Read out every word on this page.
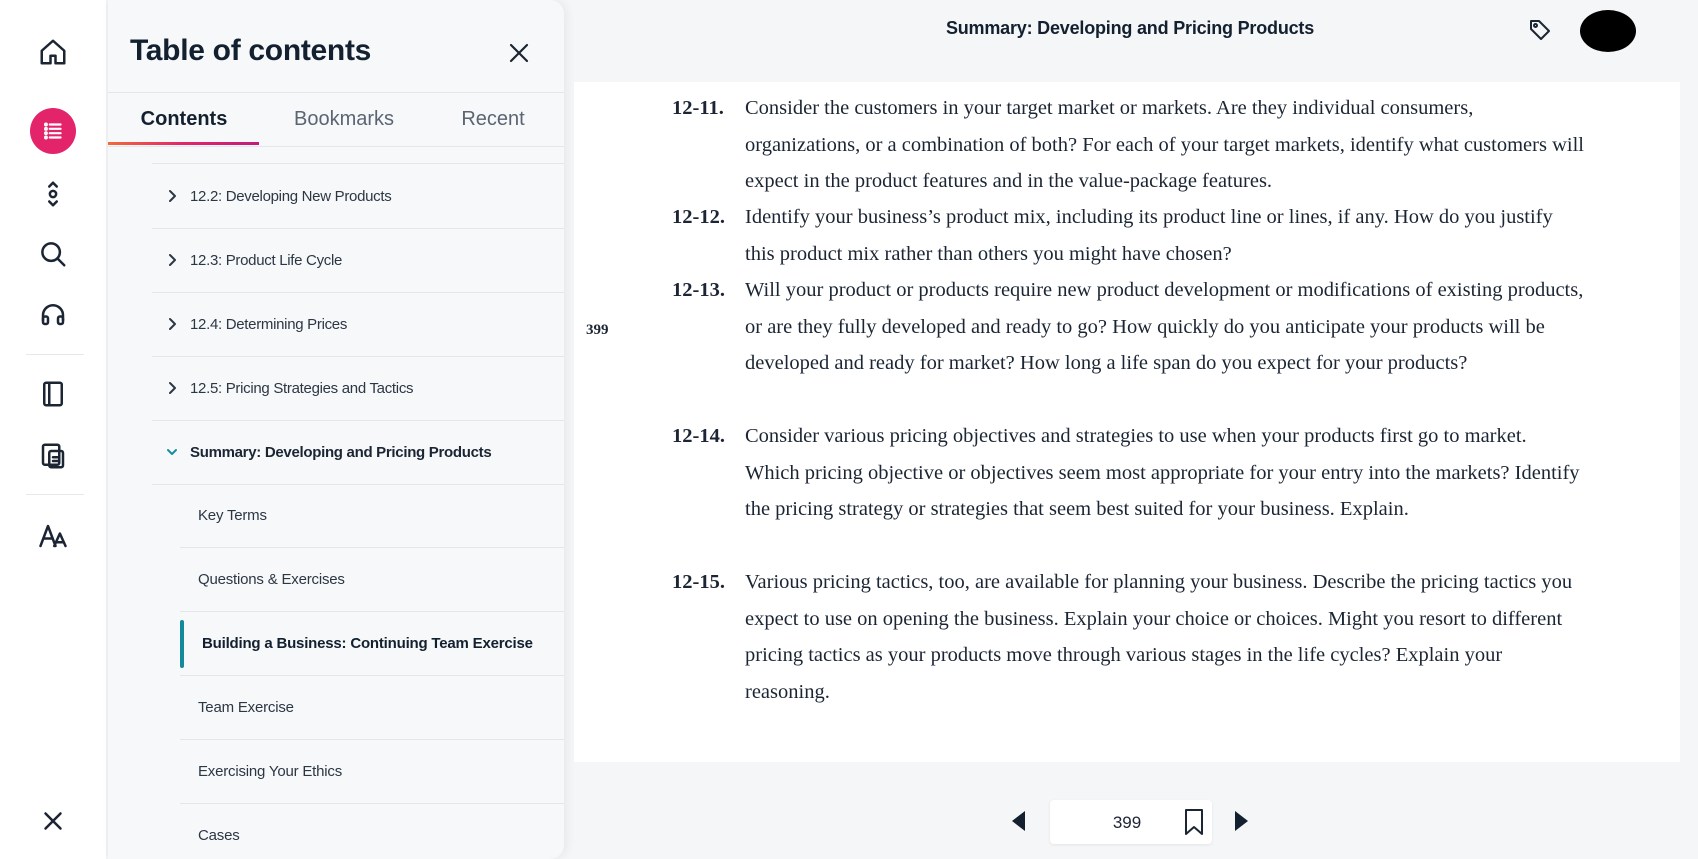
Table of contents
Contents	Bookmarks	Recent
12.2: Developing New Products
12.3: Product Life Cycle
12.4: Determining Prices
12.5: Pricing Strategies and Tactics
Summary: Developing and Pricing Products
Key Terms
Questions & Exercises
Building a Business: Continuing Team Exercise
Team Exercise
Exercising Your Ethics
Cases
Summary: Developing and Pricing Products
399
12-11.	Consider the customers in your target market or markets. Are they individual consumers, organizations, or a combination of both? For each of your target markets, identify what customers will expect in the product features and in the value-package features.
12-12. Identify your business’s product mix, including its product line or lines, if any. How do you justify this product mix rather than others you might have chosen?
12-13. Will your product or products require new product development or modifications of existing products, or are they fully developed and ready to go? How quickly do you anticipate your products will be developed and ready for market? How long a life span do you expect for your products?
12-14. Consider various pricing objectives and strategies to use when your products first go to market. Which pricing objective or objectives seem most appropriate for your entry into the markets? Identify the pricing strategy or strategies that seem best suited for your business. Explain.
12-15. Various pricing tactics, too, are available for planning your business. Describe the pricing tactics you expect to use on opening the business. Explain your choice or choices. Might you resort to different pricing tactics as your products move through various stages in the life cycles? Explain your reasoning.
399
